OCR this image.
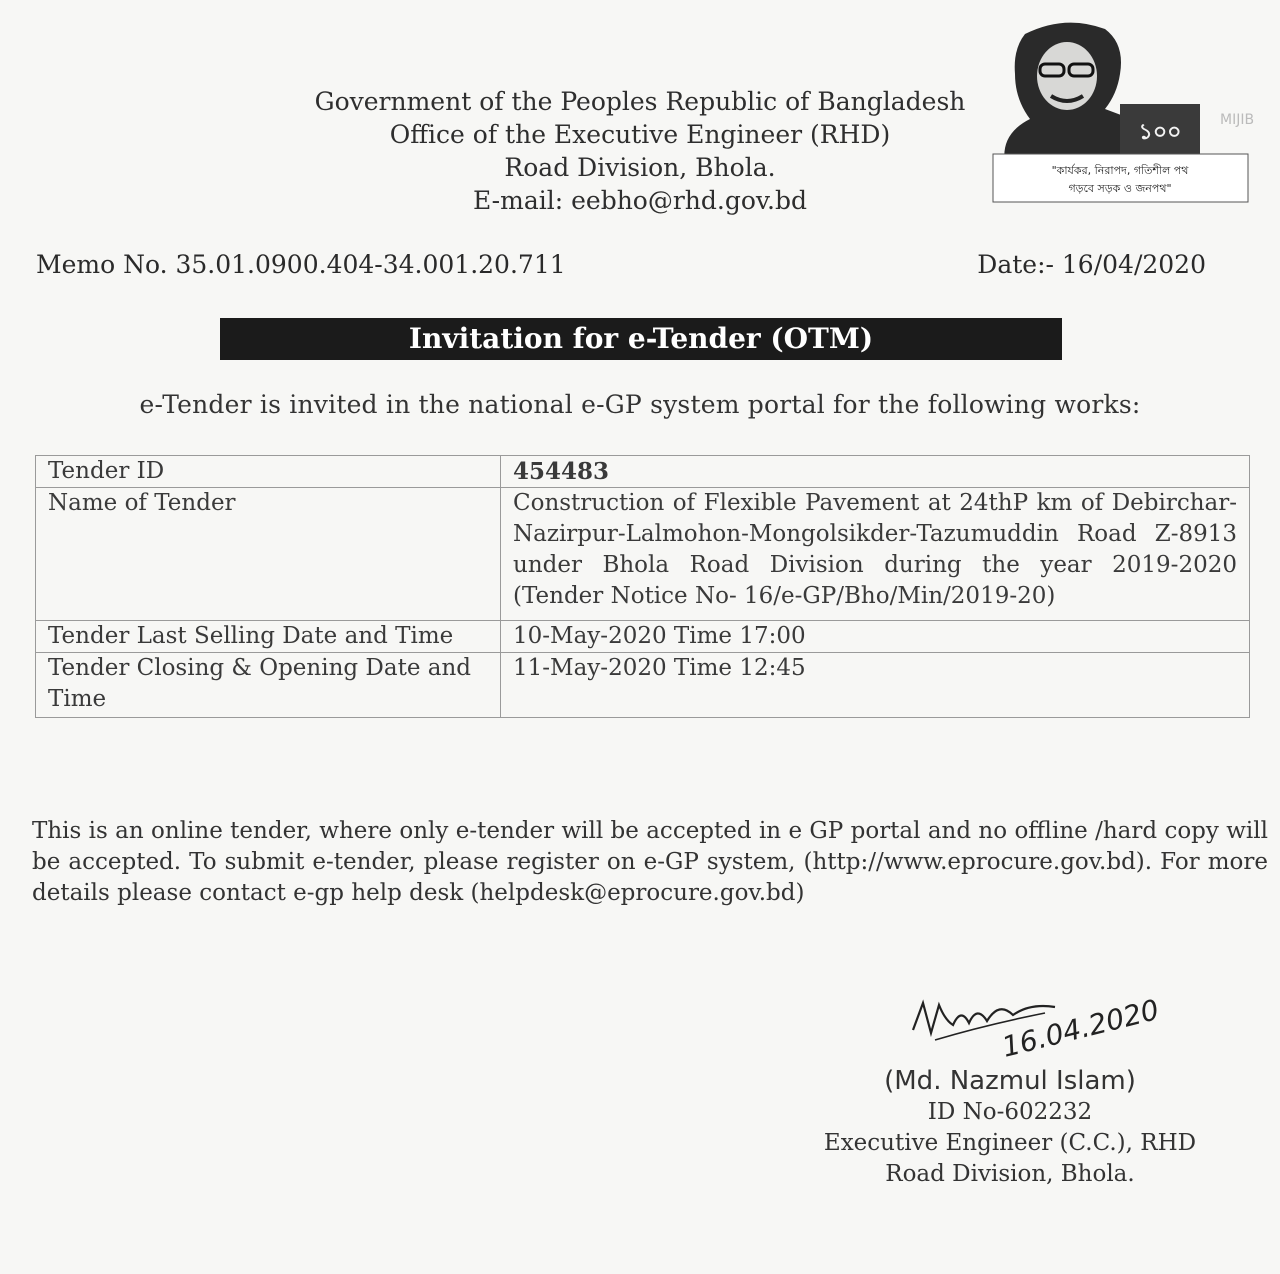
Government of the Peoples Republic of Bangladesh
Office of the Executive Engineer (RHD)
Road Division, Bhola.
E-mail: eebho@rhd.gov.bd
১০০	MIJIB
"কার্যকর, নিরাপদ, গতিশীল পথ
গড়বে সড়ক ও জনপথ"
Memo No. 35.01.0900.404-34.001.20.711	Date:- 16/04/2020
Invitation for e-Tender (OTM)
e-Tender is invited in the national e-GP system portal for the following works:
Tender ID	454483
Name of Tender	Construction of Flexible Pavement at 24thP km of Debirchar-Nazirpur-Lalmohon-Mongolsikder-Tazumuddin Road Z-8913 under Bhola Road Division during the year 2019-2020 (Tender Notice No- 16/e-GP/Bho/Min/2019-20)
Tender Last Selling Date and Time	10-May-2020 Time 17:00
Tender Closing & Opening Date and Time	11-May-2020 Time 12:45
This is an online tender, where only e-tender will be accepted in e GP portal and no offline /hard copy will be accepted. To submit e-tender, please register on e-GP system, (http://www.eprocure.gov.bd). For more details please contact e-gp help desk (helpdesk@eprocure.gov.bd)
16.04.2020
(Md. Nazmul Islam)
ID No-602232
Executive Engineer (C.C.), RHD
Road Division, Bhola.
